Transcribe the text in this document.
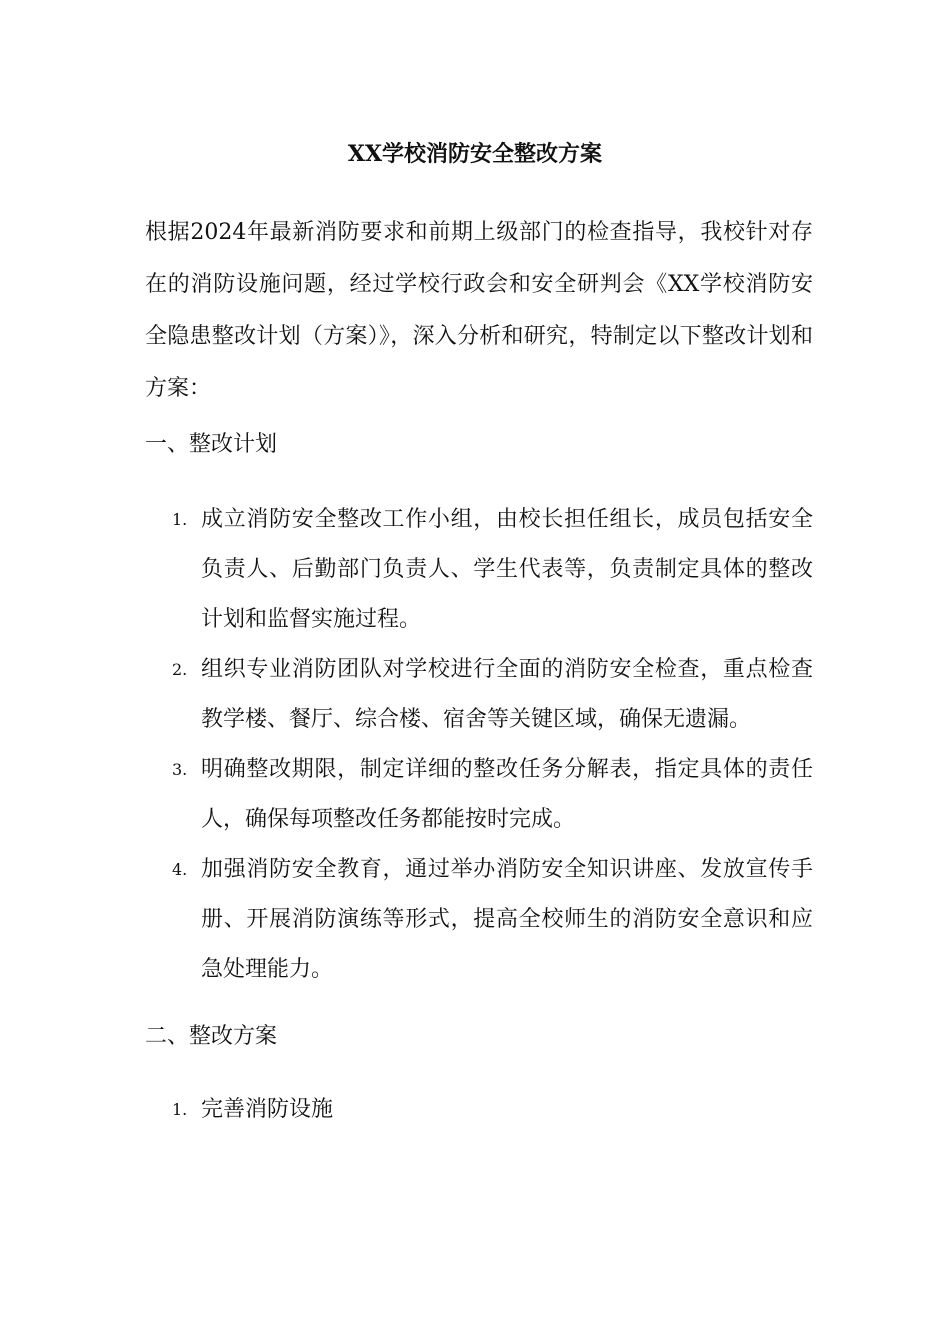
XX学校消防安全整改方案
根据2024年最新消防要求和前期上级部门的检查指导，我校针对存在的消防设施问题，经过学校行政会和安全研判会《XX学校消防安全隐患整改计划（方案）》，深入分析和研究，特制定以下整改计划和方案：
一、整改计划
1. 成立消防安全整改工作小组，由校长担任组长，成员包括安全负责人、后勤部门负责人、学生代表等，负责制定具体的整改计划和监督实施过程。
2. 组织专业消防团队对学校进行全面的消防安全检查，重点检查教学楼、餐厅、综合楼、宿舍等关键区域，确保无遗漏。
3. 明确整改期限，制定详细的整改任务分解表，指定具体的责任人，确保每项整改任务都能按时完成。
4. 加强消防安全教育，通过举办消防安全知识讲座、发放宣传手册、开展消防演练等形式，提高全校师生的消防安全意识和应急处理能力。
二、整改方案
1. 完善消防设施
